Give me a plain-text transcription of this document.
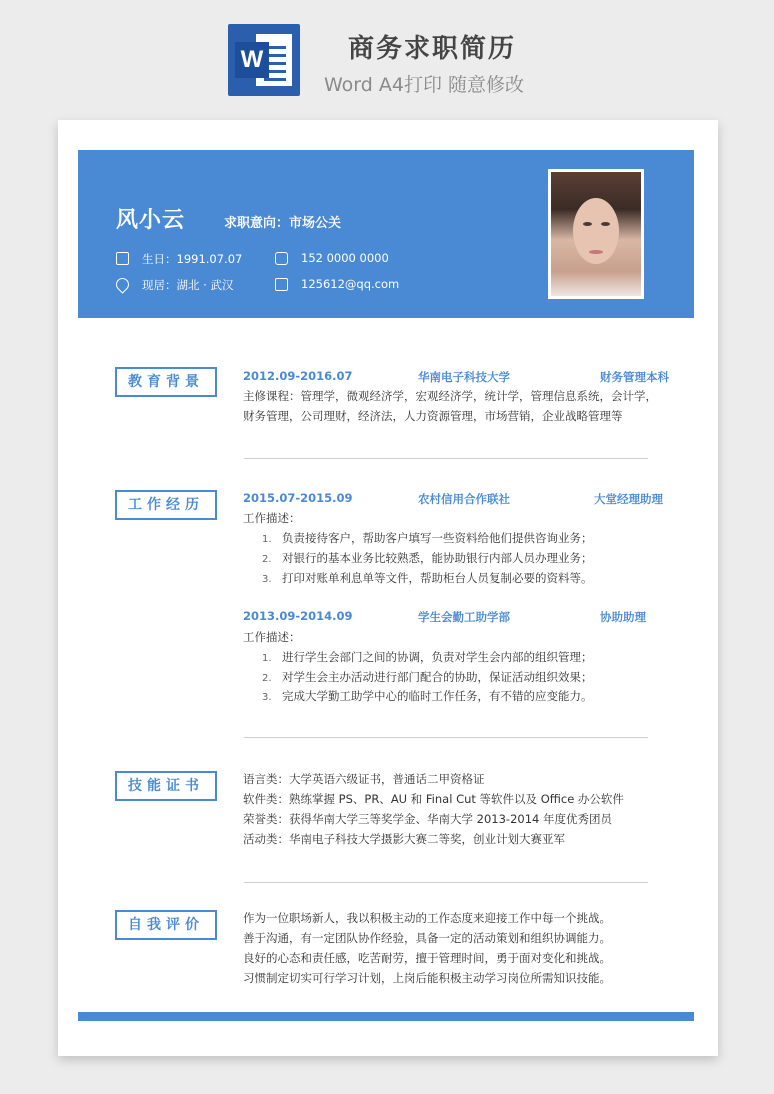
W	商务求职简历
Word A4打印 随意修改
风小云	求职意向：市场公关
生日：1991.07.07	152 0000 0000
现居：湖北 · 武汉	125612@qq.com
教育背景	2012.09-2016.07	华南电子科技大学	财务管理本科
主修课程：管理学，微观经济学，宏观经济学，统计学，管理信息系统，会计学，
财务管理，公司理财，经济法，人力资源管理，市场营销，企业战略管理等
工作经历	2015.07-2015.09	农村信用合作联社	大堂经理助理
工作描述：
1. 负责接待客户，帮助客户填写一些资料给他们提供咨询业务；
2. 对银行的基本业务比较熟悉，能协助银行内部人员办理业务；
3. 打印对账单利息单等文件，帮助柜台人员复制必要的资料等。
2013.09-2014.09	学生会勤工助学部	协助助理
工作描述：
1. 进行学生会部门之间的协调，负责对学生会内部的组织管理；
2. 对学生会主办活动进行部门配合的协助，保证活动组织效果；
3. 完成大学勤工助学中心的临时工作任务，有不错的应变能力。
技能证书	语言类：大学英语六级证书，普通话二甲资格证
软件类：熟练掌握 PS、PR、AU 和 Final Cut 等软件以及 Office 办公软件
荣誉类：获得华南大学三等奖学金、华南大学 2013-2014 年度优秀团员
活动类：华南电子科技大学摄影大赛二等奖，创业计划大赛亚军
自我评价	作为一位职场新人，我以积极主动的工作态度来迎接工作中每一个挑战。
善于沟通，有一定团队协作经验，具备一定的活动策划和组织协调能力。
良好的心态和责任感，吃苦耐劳，擅于管理时间，勇于面对变化和挑战。
习惯制定切实可行学习计划，上岗后能积极主动学习岗位所需知识技能。
